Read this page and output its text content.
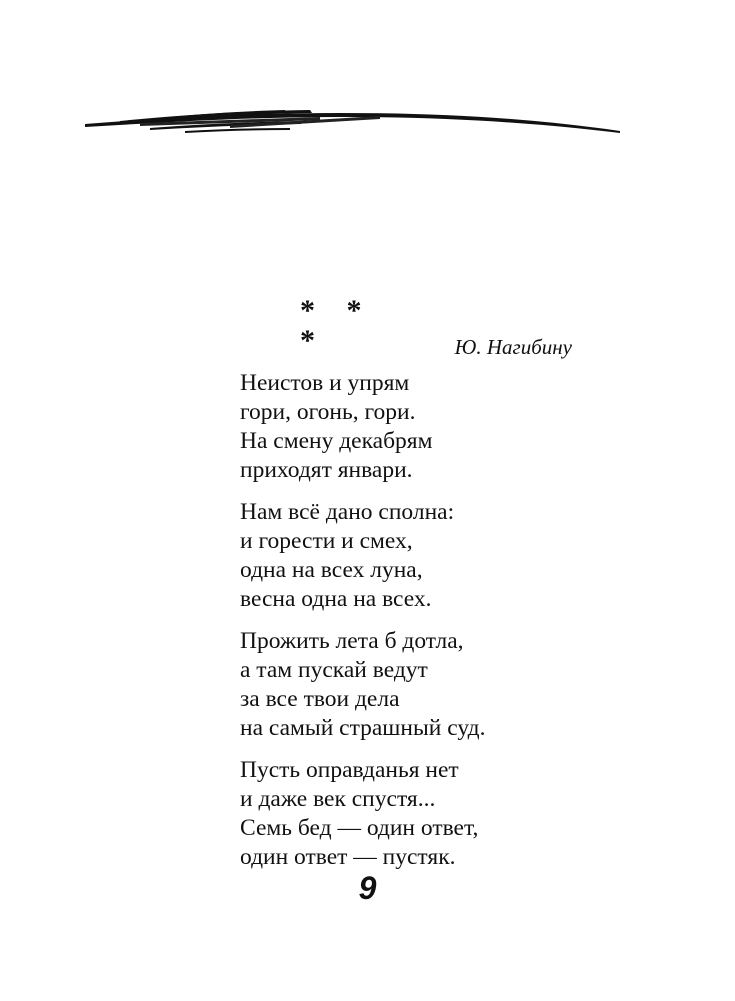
* * *	Ю. Нагибину
Неистов и упрям
гори, огонь, гори.
На смену декабрям
приходят январи.
Нам всё дано сполна:
и горести и смех,
одна на всех луна,
весна одна на всех.
Прожить лета б дотла,
а там пускай ведут
за все твои дела
на самый страшный суд.
Пусть оправданья нет
и даже век спустя...
Семь бед — один ответ,
один ответ — пустяк.
9
